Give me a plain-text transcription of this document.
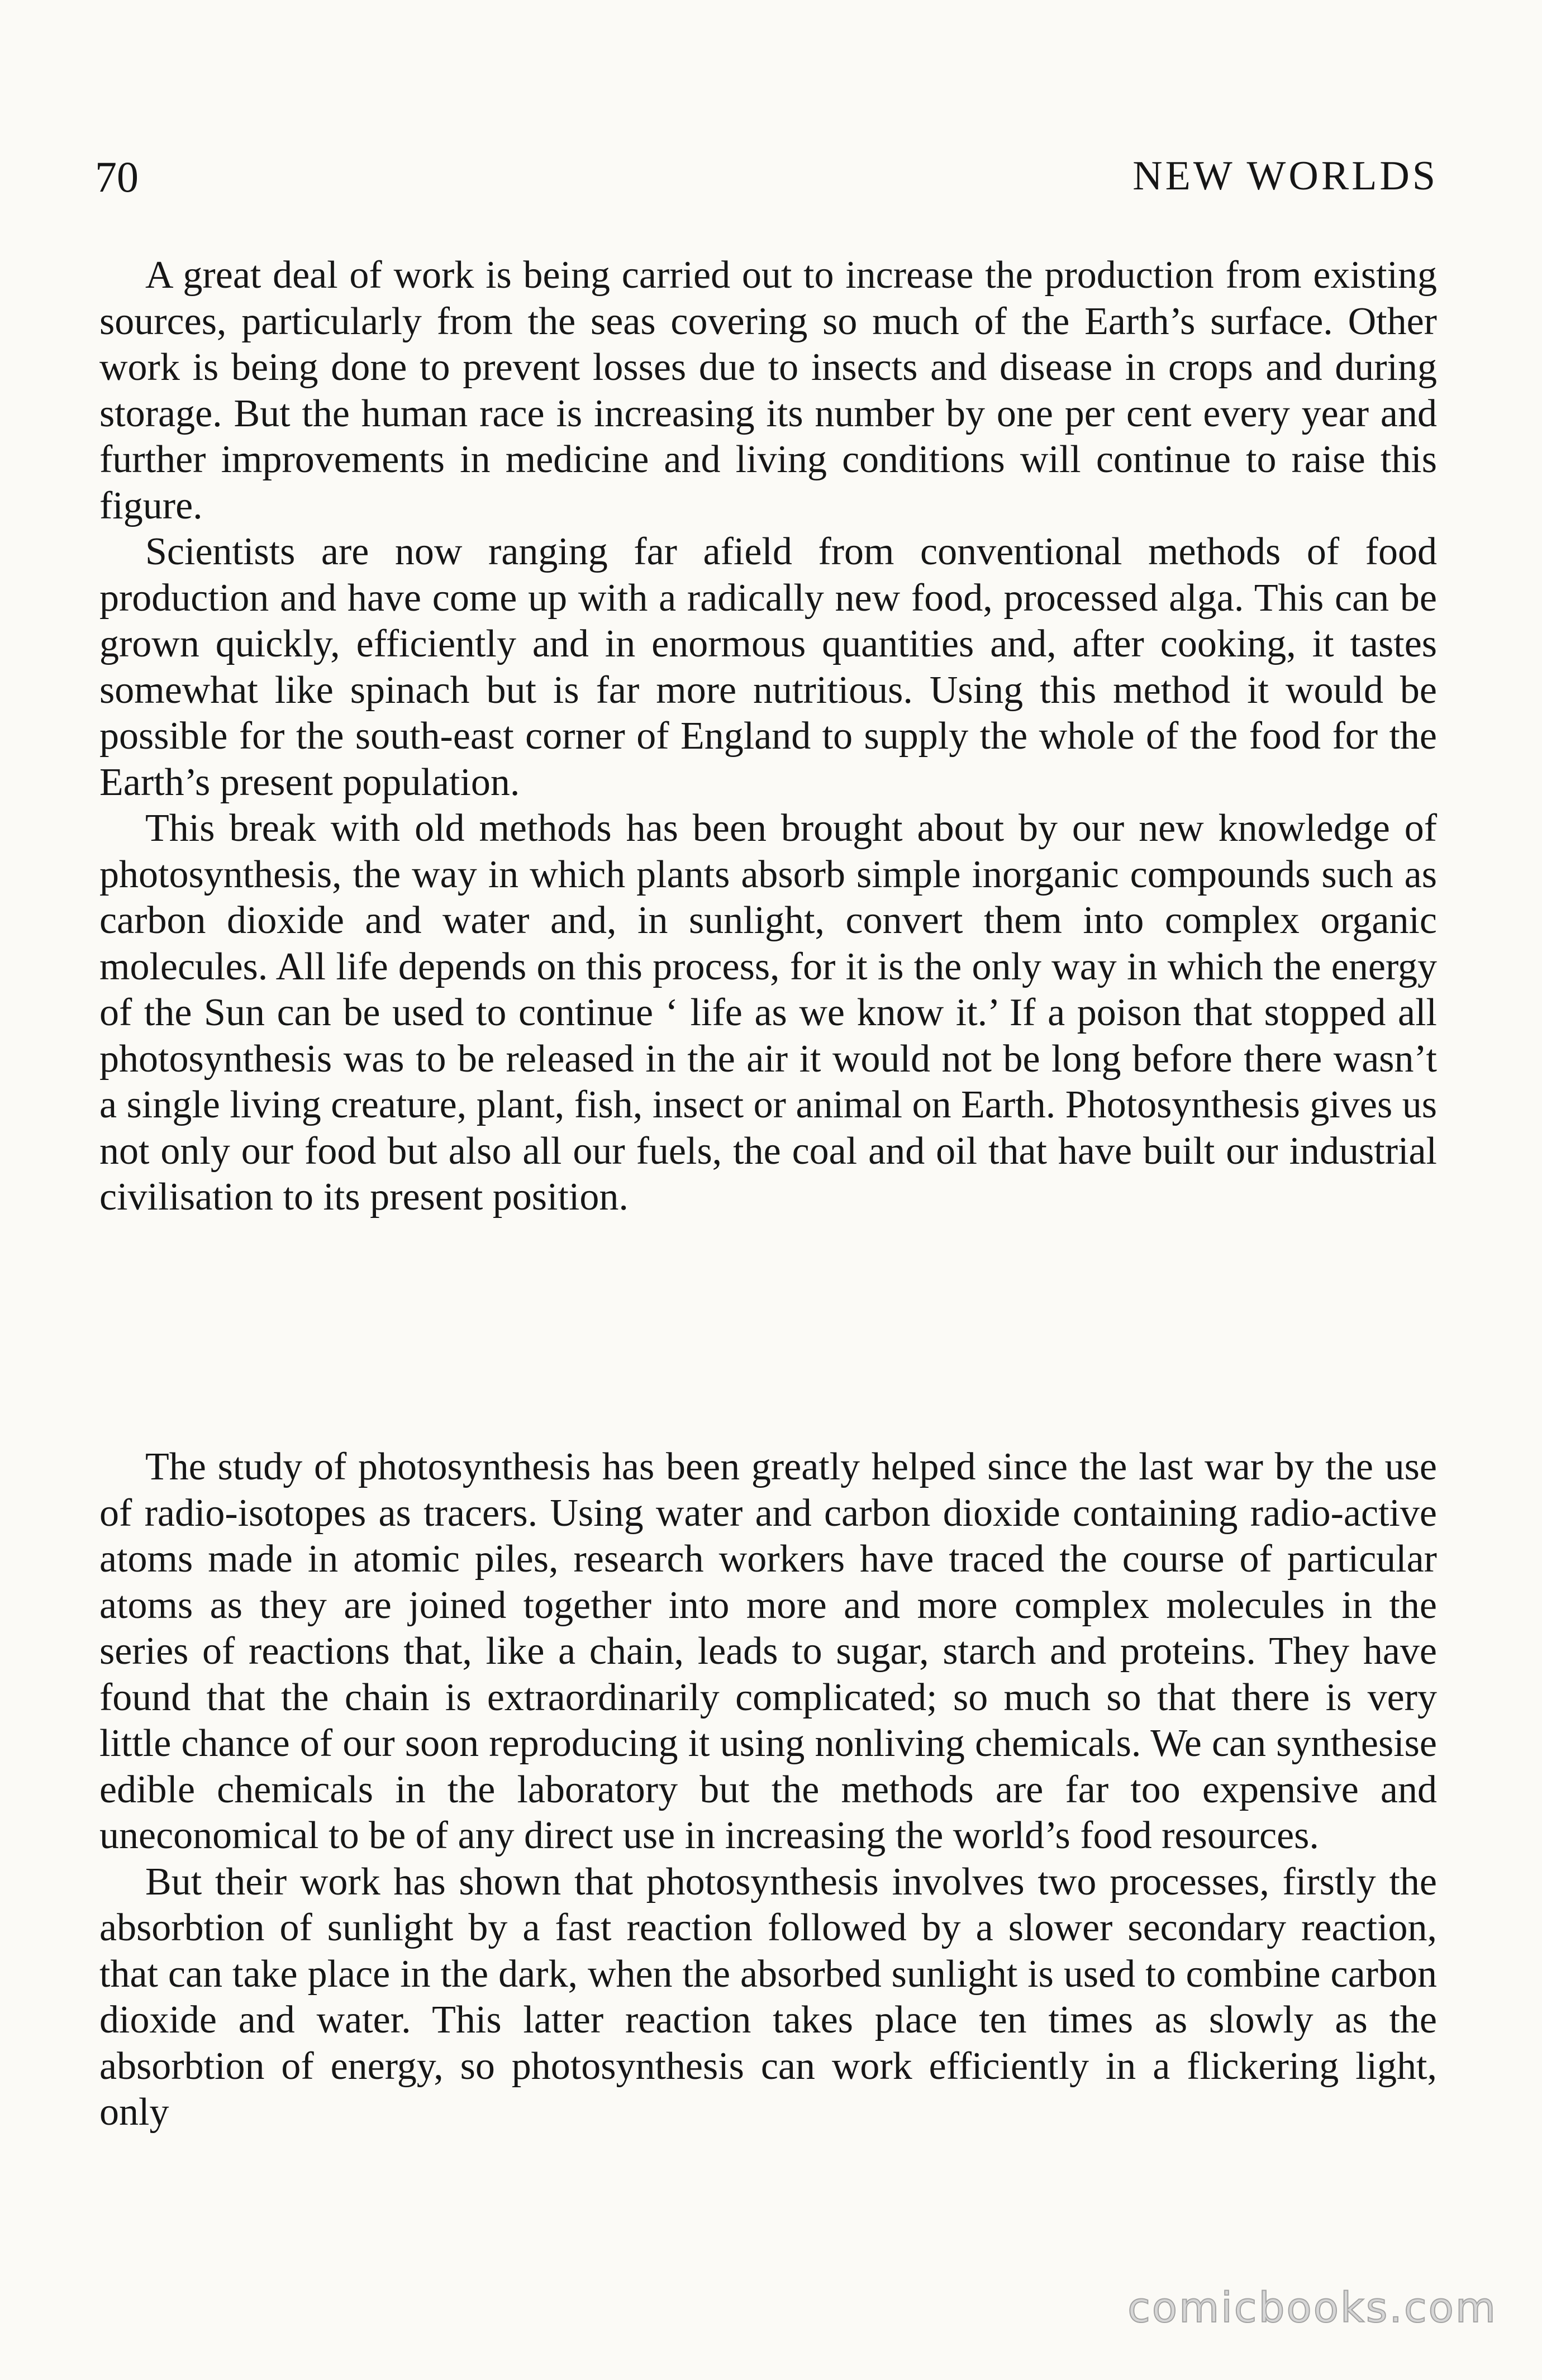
70	NEW WORLDS

A great deal of work is being carried out to increase the production from existing sources, particularly from the seas covering so much of the Earth’s surface. Other work is being done to prevent losses due to insects and disease in crops and during storage. But the human race is increasing its number by one per cent every year and further improvements in medicine and living conditions will continue to raise this figure.

Scientists are now ranging far afield from conventional methods of food production and have come up with a radically new food, processed alga. This can be grown quickly, efficiently and in enormous quantities and, after cooking, it tastes somewhat like spinach but is far more nutritious. Using this method it would be possible for the south-east corner of England to supply the whole of the food for the Earth’s present population.

This break with old methods has been brought about by our new knowledge of photosynthesis, the way in which plants absorb simple inorganic compounds such as carbon dioxide and water and, in sunlight, convert them into complex organic molecules. All life depends on this process, for it is the only way in which the energy of the Sun can be used to continue ‘ life as we know it.’ If a poison that stopped all photosynthesis was to be released in the air it would not be long before there wasn’t a single living creature, plant, fish, insect or animal on Earth. Photosynthesis gives us not only our food but also all our fuels, the coal and oil that have built our industrial civilisation to its present position.

The study of photosynthesis has been greatly helped since the last war by the use of radio-isotopes as tracers. Using water and carbon dioxide containing radio-active atoms made in atomic piles, research workers have traced the course of particular atoms as they are joined together into more and more complex molecules in the series of reactions that, like a chain, leads to sugar, starch and proteins. They have found that the chain is extraordinarily complicated; so much so that there is very little chance of our soon reproducing it using nonliving chemicals. We can synthesise edible chemicals in the laboratory but the methods are far too expensive and uneconomical to be of any direct use in increasing the world’s food resources.

But their work has shown that photosynthesis involves two processes, firstly the absorbtion of sunlight by a fast reaction followed by a slower secondary reaction, that can take place in the dark, when the absorbed sunlight is used to combine carbon dioxide and water. This latter reaction takes place ten times as slowly as the absorbtion of energy, so photosynthesis can work efficiently in a flickering light, only

comicbooks.com
